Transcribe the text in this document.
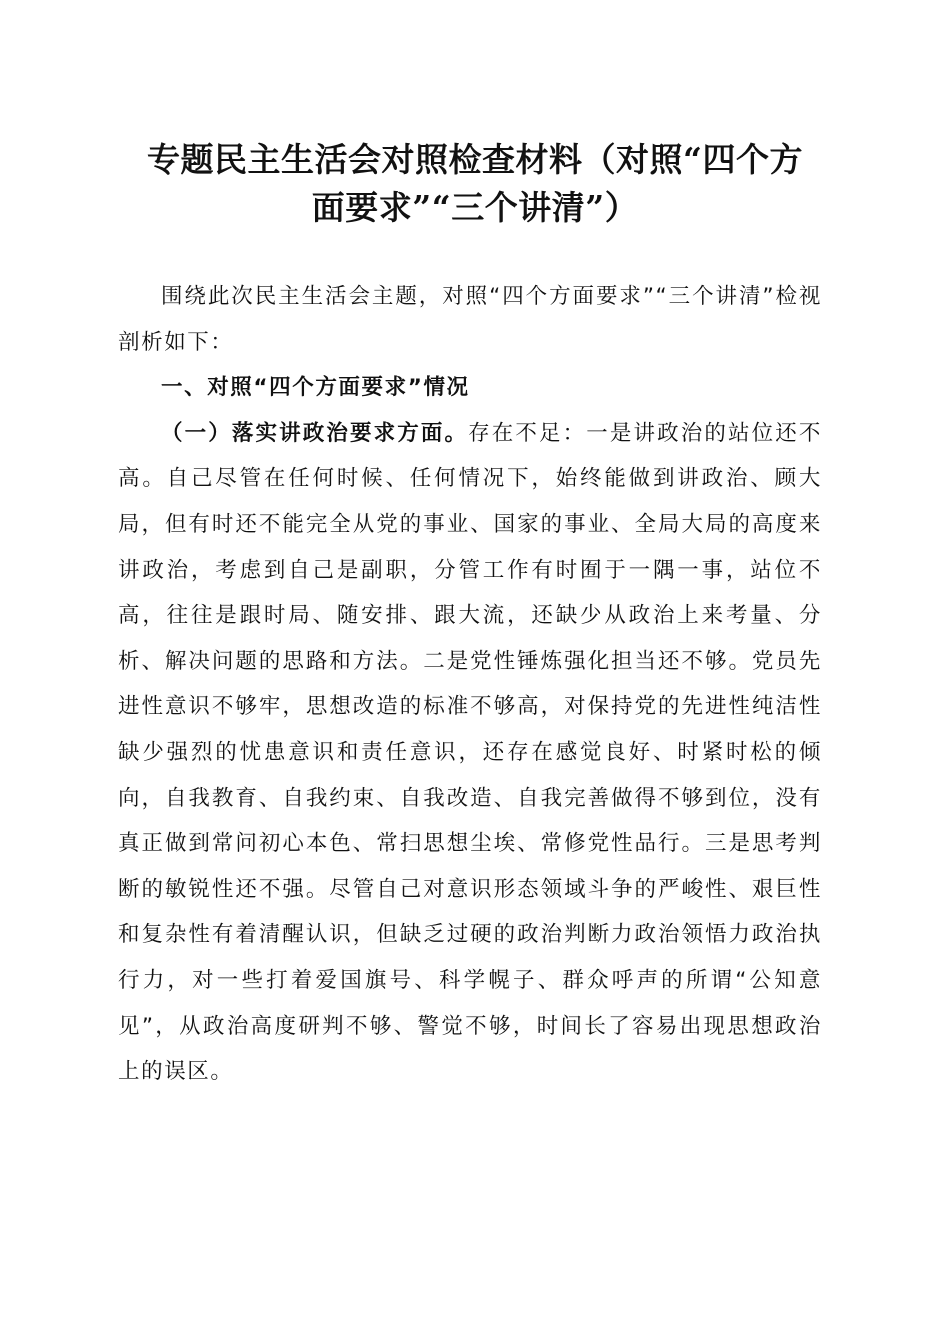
专题民主生活会对照检查材料（对照“四个方
面要求”“三个讲清”）

围绕此次民主生活会主题，对照“四个方面要求”“三个讲清”检视剖析如下：

一、对照“四个方面要求”情况

（一）落实讲政治要求方面。存在不足：一是讲政治的站位还不高。自己尽管在任何时候、任何情况下，始终能做到讲政治、顾大局，但有时还不能完全从党的事业、国家的事业、全局大局的高度来讲政治，考虑到自己是副职，分管工作有时囿于一隅一事，站位不高，往往是跟时局、随安排、跟大流，还缺少从政治上来考量、分析、解决问题的思路和方法。二是党性锤炼强化担当还不够。党员先进性意识不够牢，思想改造的标准不够高，对保持党的先进性纯洁性缺少强烈的忧患意识和责任意识，还存在感觉良好、时紧时松的倾向，自我教育、自我约束、自我改造、自我完善做得不够到位，没有真正做到常问初心本色、常扫思想尘埃、常修党性品行。三是思考判断的敏锐性还不强。尽管自己对意识形态领域斗争的严峻性、艰巨性和复杂性有着清醒认识，但缺乏过硬的政治判断力政治领悟力政治执行力，对一些打着爱国旗号、科学幌子、群众呼声的所谓“公知意见”，从政治高度研判不够、警觉不够，时间长了容易出现思想政治上的误区。
